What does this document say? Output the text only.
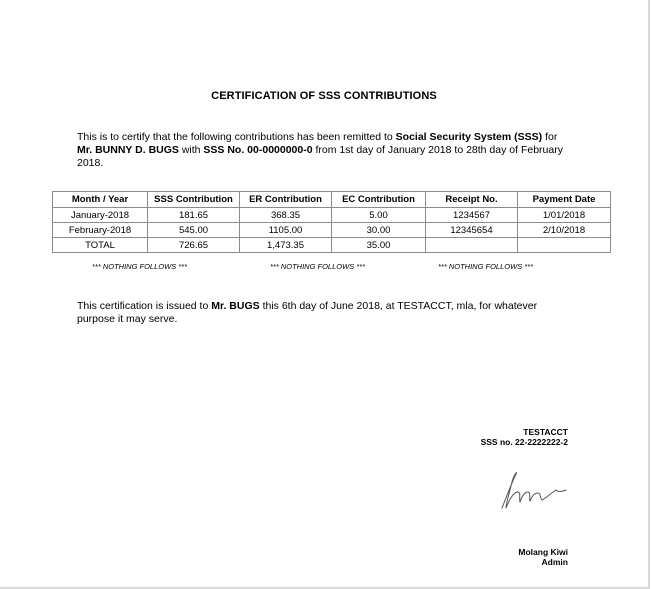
CERTIFICATION OF SSS CONTRIBUTIONS
This is to certify that the following contributions has been remitted to Social Security System (SSS) for
Mr. BUNNY D. BUGS with SSS No. 00-0000000-0 from 1st day of January 2018 to 28th day of February 2018.
Month / Year	SSS Contribution	ER Contribution	EC Contribution	Receipt No.	Payment Date
January-2018	181.65	368.35	5.00	1234567	1/01/2018
February-2018	545.00	1105.00	30.00	12345654	2/10/2018
TOTAL	726.65	1,473.35	35.00		
*** NOTHING FOLLOWS ***	*** NOTHING FOLLOWS ***	*** NOTHING FOLLOWS ***
This certification is issued to Mr. BUGS this 6th day of June 2018, at TESTACCT, mla, for whatever purpose it may serve.
TESTACCT
SSS no. 22-2222222-2
Molang Kiwi
Admin
